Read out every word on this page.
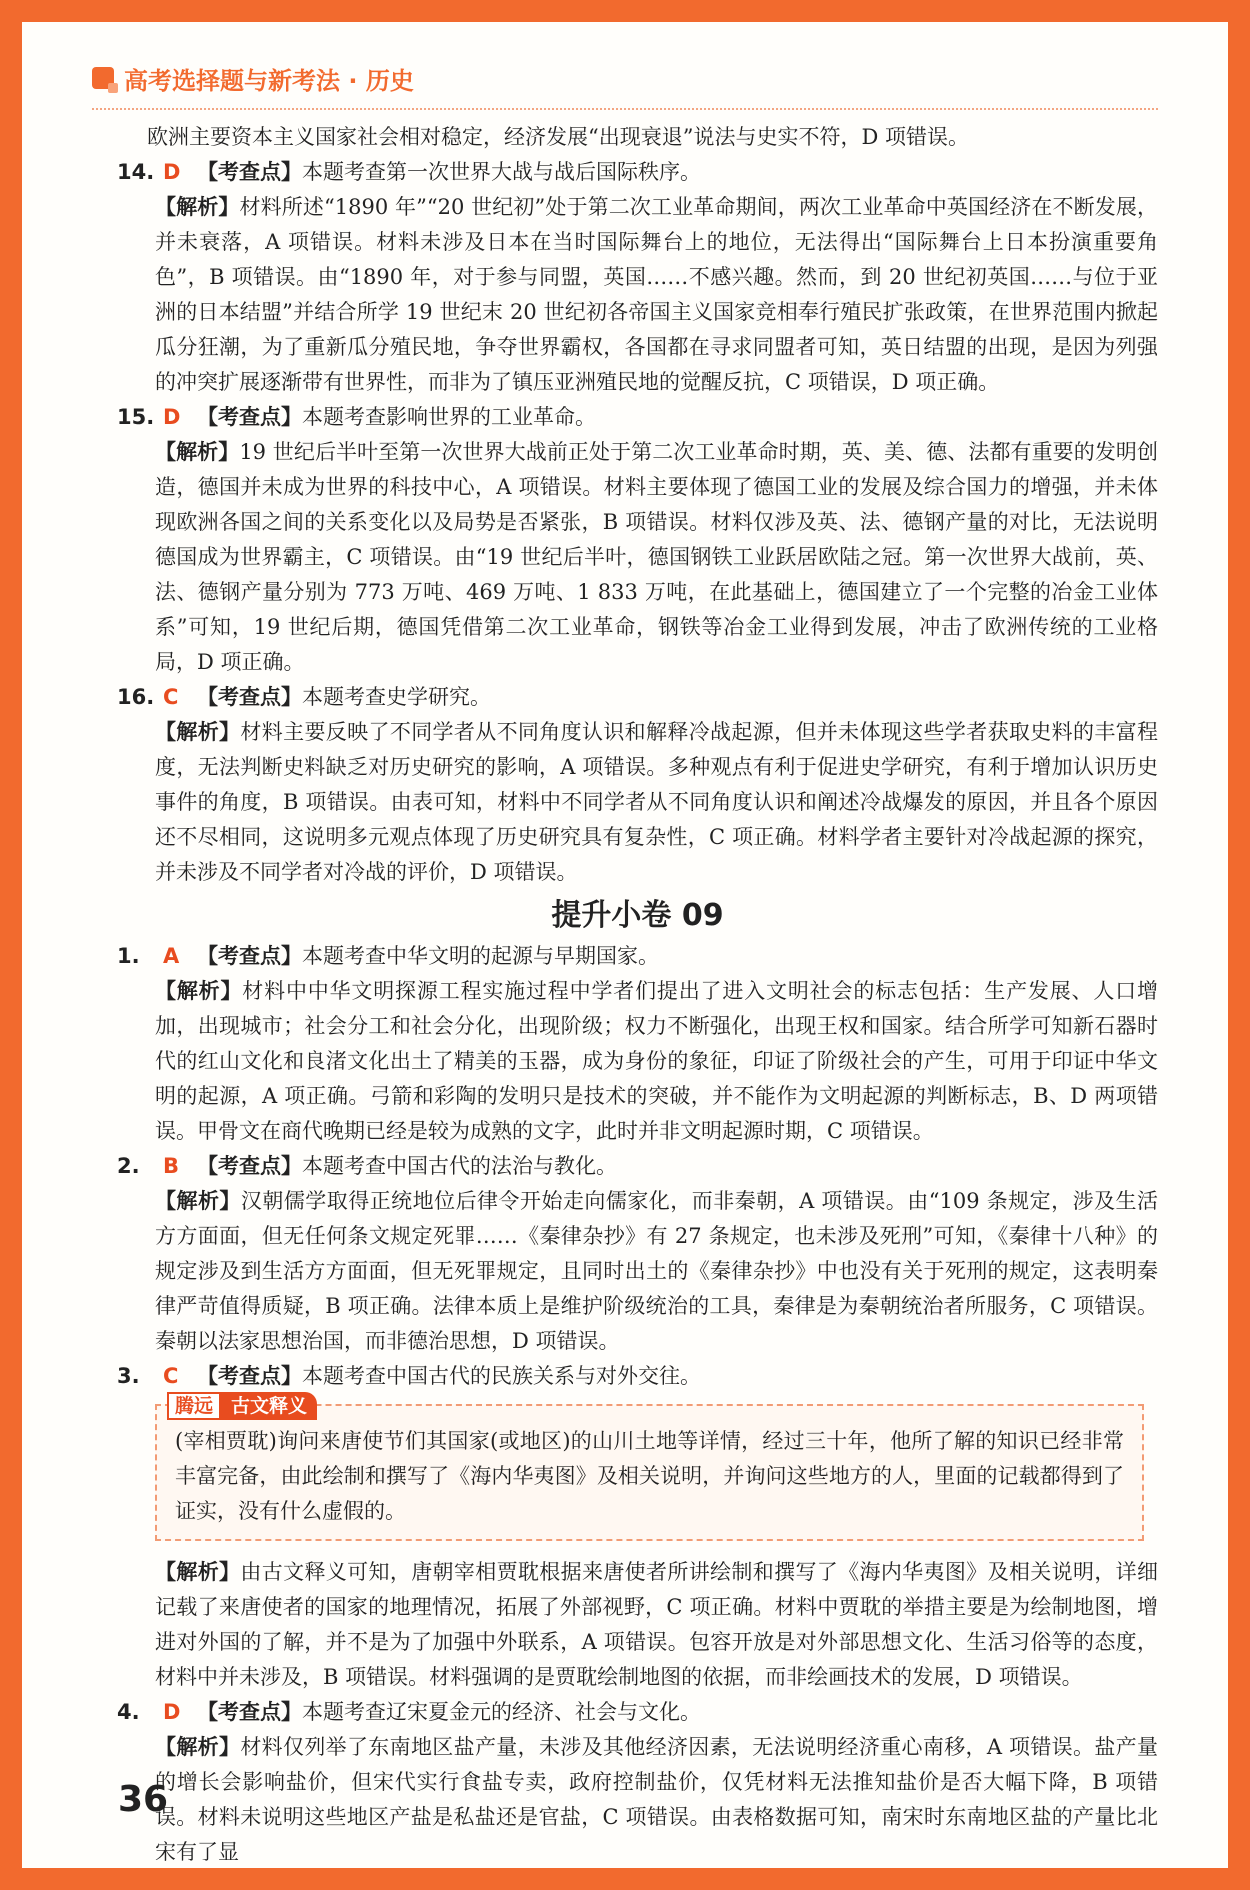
高考选择题与新考法 · 历史

欧洲主要资本主义国家社会相对稳定，经济发展“出现衰退”说法与史实不符，D 项错误。

14. D 【考查点】本题考查第一次世界大战与战后国际秩序。
【解析】材料所述“1890 年”“20 世纪初”处于第二次工业革命期间，两次工业革命中英国经济在不断发展，并未衰落，A 项错误。材料未涉及日本在当时国际舞台上的地位，无法得出“国际舞台上日本扮演重要角色”，B 项错误。由“1890 年，对于参与同盟，英国……不感兴趣。然而，到 20 世纪初英国……与位于亚洲的日本结盟”并结合所学 19 世纪末 20 世纪初各帝国主义国家竞相奉行殖民扩张政策，在世界范围内掀起瓜分狂潮，为了重新瓜分殖民地，争夺世界霸权，各国都在寻求同盟者可知，英日结盟的出现，是因为列强的冲突扩展逐渐带有世界性，而非为了镇压亚洲殖民地的觉醒反抗，C 项错误，D 项正确。
15. D 【考查点】本题考查影响世界的工业革命。
【解析】19 世纪后半叶至第一次世界大战前正处于第二次工业革命时期，英、美、德、法都有重要的发明创造，德国并未成为世界的科技中心，A 项错误。材料主要体现了德国工业的发展及综合国力的增强，并未体现欧洲各国之间的关系变化以及局势是否紧张，B 项错误。材料仅涉及英、法、德钢产量的对比，无法说明德国成为世界霸主，C 项错误。由“19 世纪后半叶，德国钢铁工业跃居欧陆之冠。第一次世界大战前，英、法、德钢产量分别为 773 万吨、469 万吨、1 833 万吨，在此基础上，德国建立了一个完整的冶金工业体系”可知，19 世纪后期，德国凭借第二次工业革命，钢铁等冶金工业得到发展，冲击了欧洲传统的工业格局，D 项正确。
16. C 【考查点】本题考查史学研究。
【解析】材料主要反映了不同学者从不同角度认识和解释冷战起源，但并未体现这些学者获取史料的丰富程度，无法判断史料缺乏对历史研究的影响，A 项错误。多种观点有利于促进史学研究，有利于增加认识历史事件的角度，B 项错误。由表可知，材料中不同学者从不同角度认识和阐述冷战爆发的原因，并且各个原因还不尽相同，这说明多元观点体现了历史研究具有复杂性，C 项正确。材料学者主要针对冷战起源的探究，并未涉及不同学者对冷战的评价，D 项错误。
提升小卷 09
1.	A 【考查点】本题考查中华文明的起源与早期国家。
【解析】材料中中华文明探源工程实施过程中学者们提出了进入文明社会的标志包括：生产发展、人口增加，出现城市；社会分工和社会分化，出现阶级；权力不断强化，出现王权和国家。结合所学可知新石器时代的红山文化和良渚文化出土了精美的玉器，成为身份的象征，印证了阶级社会的产生，可用于印证中华文明的起源，A 项正确。弓箭和彩陶的发明只是技术的突破，并不能作为文明起源的判断标志，B、D 两项错误。甲骨文在商代晚期已经是较为成熟的文字，此时并非文明起源时期，C 项错误。
2.	B 【考查点】本题考查中国古代的法治与教化。
【解析】汉朝儒学取得正统地位后律令开始走向儒家化，而非秦朝，A 项错误。由“109 条规定，涉及生活方方面面，但无任何条文规定死罪……《秦律杂抄》有 27 条规定，也未涉及死刑”可知，《秦律十八种》的规定涉及到生活方方面面，但无死罪规定，且同时出土的《秦律杂抄》中也没有关于死刑的规定，这表明秦律严苛值得质疑，B 项正确。法律本质上是维护阶级统治的工具，秦律是为秦朝统治者所服务，C 项错误。秦朝以法家思想治国，而非德治思想，D 项错误。
3.	C 【考查点】本题考查中国古代的民族关系与对外交往。
腾远 古文释义
(宰相贾耽)询问来唐使节们其国家(或地区)的山川土地等详情，经过三十年，他所了解的知识已经非常丰富完备，由此绘制和撰写了《海内华夷图》及相关说明，并询问这些地方的人，里面的记载都得到了证实，没有什么虚假的。
【解析】由古文释义可知，唐朝宰相贾耽根据来唐使者所讲绘制和撰写了《海内华夷图》及相关说明，详细记载了来唐使者的国家的地理情况，拓展了外部视野，C 项正确。材料中贾耽的举措主要是为绘制地图，增进对外国的了解，并不是为了加强中外联系，A 项错误。包容开放是对外部思想文化、生活习俗等的态度，材料中并未涉及，B 项错误。材料强调的是贾耽绘制地图的依据，而非绘画技术的发展，D 项错误。
4.	D 【考查点】本题考查辽宋夏金元的经济、社会与文化。
【解析】材料仅列举了东南地区盐产量，未涉及其他经济因素，无法说明经济重心南移，A 项错误。盐产量的增长会影响盐价，但宋代实行食盐专卖，政府控制盐价，仅凭材料无法推知盐价是否大幅下降，B 项错误。材料未说明这些地区产盐是私盐还是官盐，C 项错误。由表格数据可知，南宋时东南地区盐的产量比北宋有了显
36
